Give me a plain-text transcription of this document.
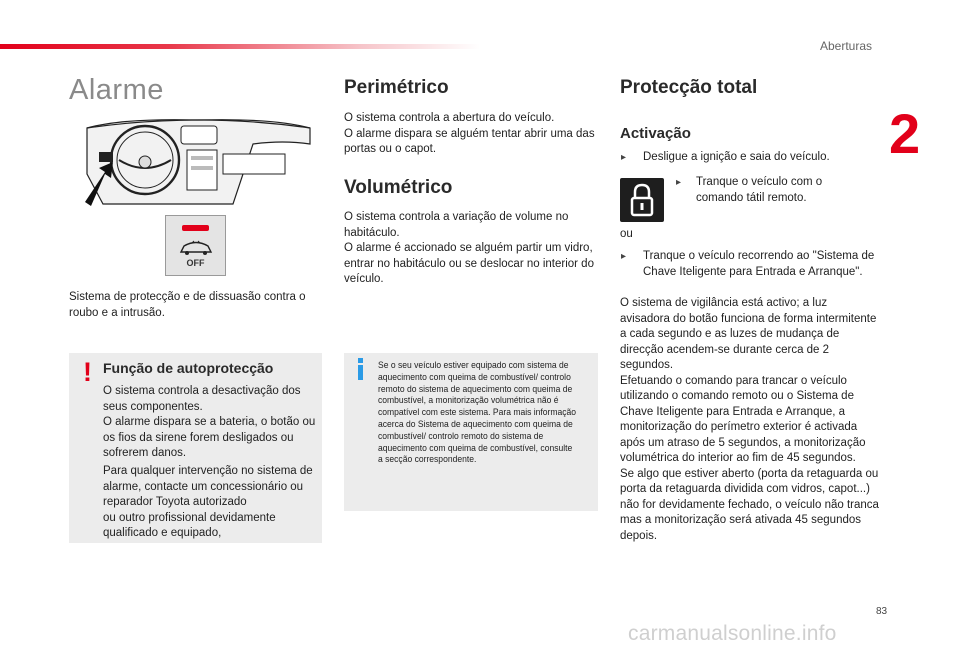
Aberturas
2
Alarme
OFF
Sistema de protecção e de dissuasão contra o roubo e a intrusão.
! Função de autoprotecção
O sistema controla a desactivação dos seus componentes.
O alarme dispara se a bateria, o botão ou os fios da sirene forem desligados ou sofrerem danos.
Para qualquer intervenção no sistema de alarme, contacte um concessionário ou reparador Toyota autorizado
ou outro profissional devidamente qualificado e equipado,
Perimétrico
O sistema controla a abertura do veículo.
O alarme dispara se alguém tentar abrir uma das portas ou o capot.
Volumétrico
O sistema controla a variação de volume no habitáculo.
O alarme é accionado se alguém partir um vidro, entrar no habitáculo ou se deslocar no interior do veículo.
Se o seu veículo estiver equipado com sistema de aquecimento com queima de combustível/ controlo remoto do sistema de aquecimento com queima de combustível, a monitorização volumétrica não é compatível com este sistema. Para mais informação acerca do Sistema de aquecimento com queima de combustível/ controlo remoto do sistema de aquecimento com queima de combustível, consulte a secção correspondente.
Protecção total
Activação
▸ Desligue a ignição e saia do veículo.
▸ Tranque o veículo com o comando tátil remoto.
ou
▸ Tranque o veículo recorrendo ao "Sistema de Chave Iteligente para Entrada e Arranque".
O sistema de vigilância está activo; a luz avisadora do botão funciona de forma intermitente a cada segundo e as luzes de mudança de direcção acendem-se durante cerca de 2 segundos.
Efetuando o comando para trancar o veículo utilizando o comando remoto ou o Sistema de Chave Iteligente para Entrada e Arranque, a monitorização do perímetro exterior é activada após um atraso de 5 segundos, a monitorização volumétrica do interior ao fim de 45 segundos.
Se algo que estiver aberto (porta da retaguarda ou porta da retaguarda dividida com vidros, capot...) não for devidamente fechado, o veículo não tranca mas a monitorização será ativada 45 segundos depois.
83
carmanualsonline.info
